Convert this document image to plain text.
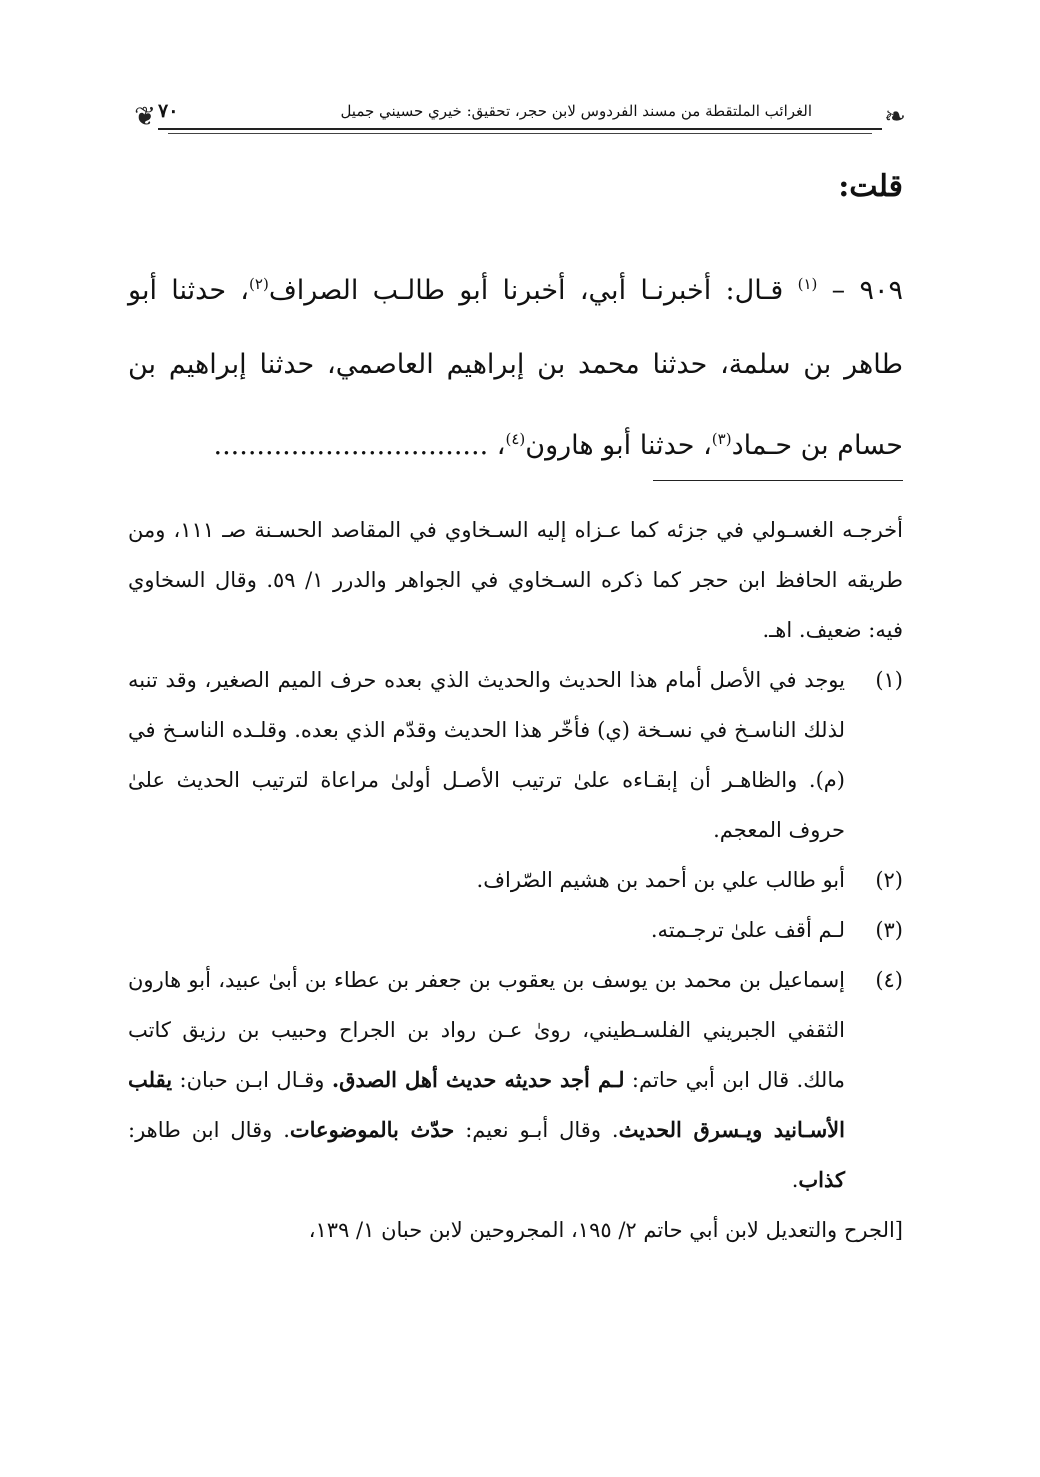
❧
❦	الغرائب الملتقطة من مسند الفردوس لابن حجر، تحقيق: خيري حسيني جميل
٧٠

قلت:

٩٠٩ – $^{(١)}$ قـال: أخبرنـا أبي، أخبرنا أبو طالـب الصراف$^{(٢)}$، حدثنا أبو طاهر بن سلمة، حدثنا محمد بن إبراهيم العاصمي، حدثنا إبراهيم بن حسام بن حـماد$^{(٣)}$، حدثنا أبو هارون$^{(٤)}$، ................................

أخرجـه الغسـولي في جزئه كما عـزاه إليه السـخاوي في المقاصد الحسـنة صـ ١١١، ومن طريقه الحافظ ابن حجر كما ذكره السـخاوي في الجواهر والدرر ١/ ٥٩. وقال السخاوي فيه: ضعيف. اهـ.

(١)
يوجد في الأصل أمام هذا الحديث والحديث الذي بعده حرف الميم الصغير، وقد تنبه لذلك الناسـخ في نسـخة (ي) فأخّر هذا الحديث وقدّم الذي بعده. وقلـده الناسـخ في (م). والظاهـر أن إبقـاءه علىٰ ترتيب الأصـل أولىٰ مراعاة لترتيب الحديث علىٰ حروف المعجم.

(٢)
أبو طالب علي بن أحمد بن هشيم الصّراف.

(٣)
لـم أقف علىٰ ترجـمته.

(٤)
إسماعيل بن محمد بن يوسف بن يعقوب بن جعفر بن عطاء بن أبىٰ عبيد، أبو هارون الثقفي الجبريني الفلسـطيني، روىٰ عـن رواد بن الجراح وحبيب بن رزيق كاتب مالك. قال ابن أبي حاتم: لـم أجد حديثه حديث أهل الصدق. وقـال ابـن حبان: يقلب الأسـانيد ويـسرق الحديث. وقال أبـو نعيم: حدّث بالموضوعات. وقال ابن طاهر: كذاب.

[الجرح والتعديل لابن أبي حاتم ٢/ ١٩٥، المجروحين لابن حبان ١/ ١٣٩،
